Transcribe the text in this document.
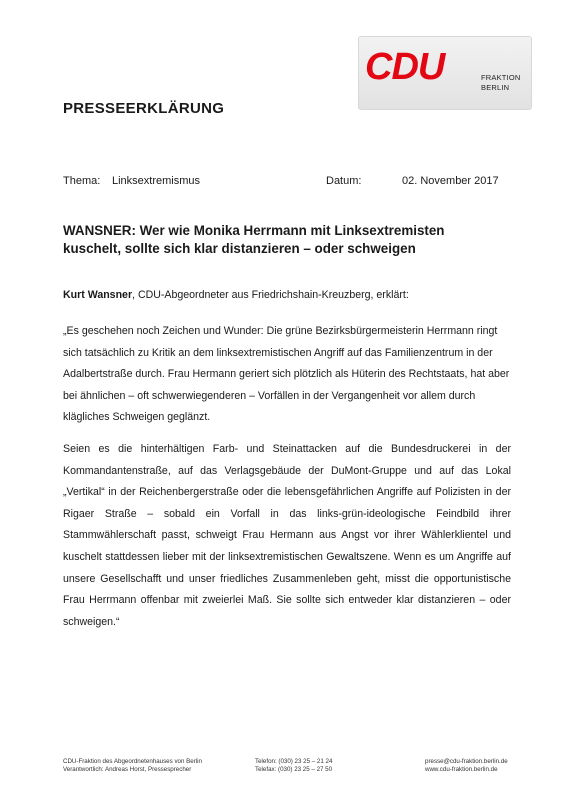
CDU	FRAKTION
BERLIN
PRESSEERKLÄRUNG
Thema: Linksextremismus	Datum:	02. November 2017
WANSNER: Wer wie Monika Herrmann mit Linksextremisten kuschelt, sollte sich klar distanzieren – oder schweigen
Kurt Wansner, CDU-Abgeordneter aus Friedrichshain-Kreuzberg, erklärt:
„Es geschehen noch Zeichen und Wunder: Die grüne Bezirksbürgermeisterin Herrmann ringt sich tatsächlich zu Kritik an dem linksextremistischen Angriff auf das Familienzentrum in der Adalbertstraße durch. Frau Hermann geriert sich plötzlich als Hüterin des Rechtstaats, hat aber bei ähnlichen – oft schwerwiegenderen – Vorfällen in der Vergangenheit vor allem durch klägliches Schweigen geglänzt.
Seien es die hinterhältigen Farb- und Steinattacken auf die Bundesdruckerei in der Kommandantenstraße, auf das Verlagsgebäude der DuMont-Gruppe und auf das Lokal „Vertikal“ in der Reichenbergerstraße oder die lebensgefährlichen Angriffe auf Polizisten in der Rigaer Straße – sobald ein Vorfall in das links-grün-ideologische Feindbild ihrer Stammwählerschaft passt, schweigt Frau Hermann aus Angst vor ihrer Wählerklientel und kuschelt stattdessen lieber mit der linksextremistischen Gewaltszene. Wenn es um Angriffe auf unsere Gesellschafft und unser friedliches Zusammenleben geht, misst die opportunistische Frau Herrmann offenbar mit zweierlei Maß. Sie sollte sich entweder klar distanzieren – oder schweigen.“
CDU-Fraktion des Abgeordnetenhauses von Berlin
Verantwortlich: Andreas Horst, Pressesprecher
Telefon: (030) 23 25 – 21 24
Telefax: (030) 23 25 – 27 50
presse@cdu-fraktion.berlin.de
www.cdu-fraktion.berlin.de
